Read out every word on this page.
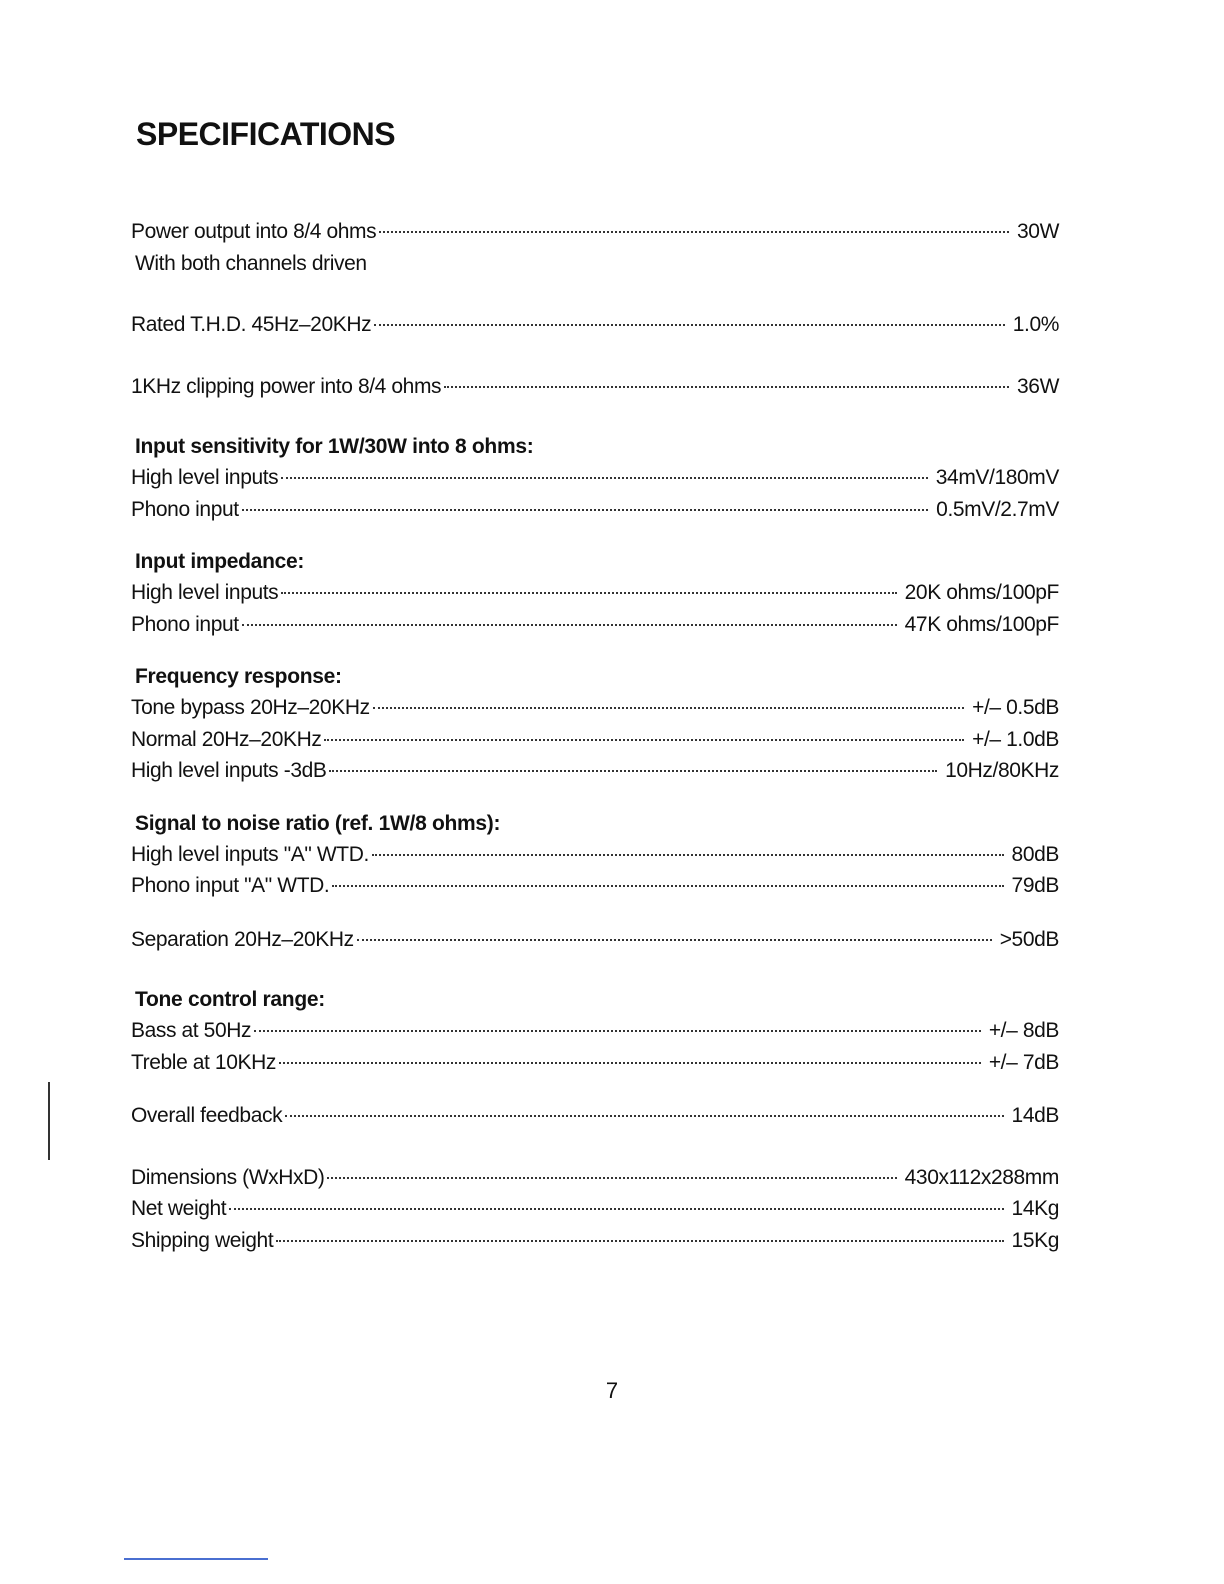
SPECIFICATIONS
Power output into 8/4 ohms	30W
With both channels driven
Rated T.H.D. 45Hz–20KHz	1.0%
1KHz clipping power into 8/4 ohms	36W
Input sensitivity for 1W/30W into 8 ohms:
High level inputs	34mV/180mV
Phono input	0.5mV/2.7mV
Input impedance:
High level inputs	20K ohms/100pF
Phono input	47K ohms/100pF
Frequency response:
Tone bypass 20Hz–20KHz	+/– 0.5dB
Normal 20Hz–20KHz	+/– 1.0dB
High level inputs -3dB	10Hz/80KHz
Signal to noise ratio (ref. 1W/8 ohms):
High level inputs "A" WTD.	80dB
Phono input "A" WTD.	79dB
Separation 20Hz–20KHz	>50dB
Tone control range:
Bass at 50Hz	+/– 8dB
Treble at 10KHz	+/– 7dB
Overall feedback	14dB
Dimensions (WxHxD)	430x112x288mm
Net weight	14Kg
Shipping weight	15Kg
7
